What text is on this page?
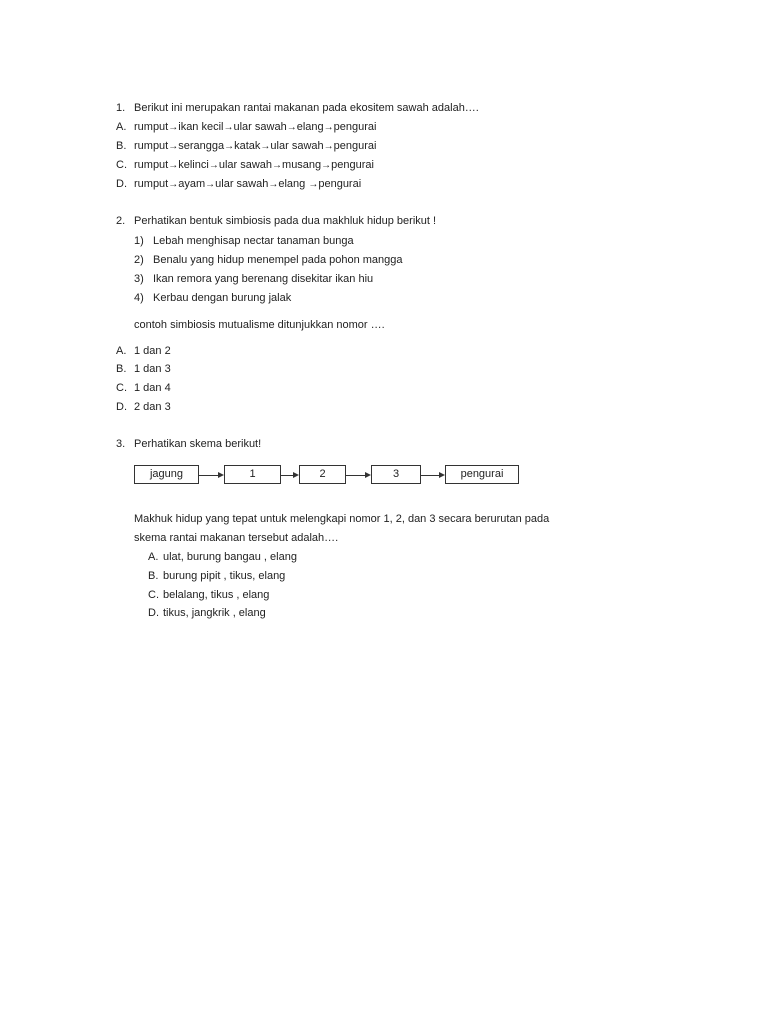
1. Berikut ini merupakan rantai makanan pada ekositem sawah adalah….
A. rumput→ikan kecil→ular sawah→elang→pengurai
B. rumput→serangga→katak→ular sawah→pengurai
C. rumput→kelinci→ular sawah→musang→pengurai
D. rumput→ayam→ular sawah→elang →pengurai
2. Perhatikan bentuk simbiosis pada dua makhluk hidup berikut !
1) Lebah menghisap nectar tanaman bunga
2) Benalu yang hidup menempel pada pohon mangga
3) Ikan remora yang berenang disekitar ikan hiu
4) Kerbau dengan burung jalak
contoh simbiosis mutualisme ditunjukkan nomor ….
A. 1 dan 2
B. 1 dan 3
C. 1 dan 4
D. 2 dan 3
3. Perhatikan skema berikut!
jagung	1	2	3	pengurai
Makhuk hidup yang tepat untuk melengkapi nomor 1, 2, dan 3 secara berurutan pada
skema rantai makanan tersebut adalah….
A. ulat, burung bangau , elang
B. burung pipit , tikus, elang
C. belalang, tikus , elang
D. tikus, jangkrik , elang
